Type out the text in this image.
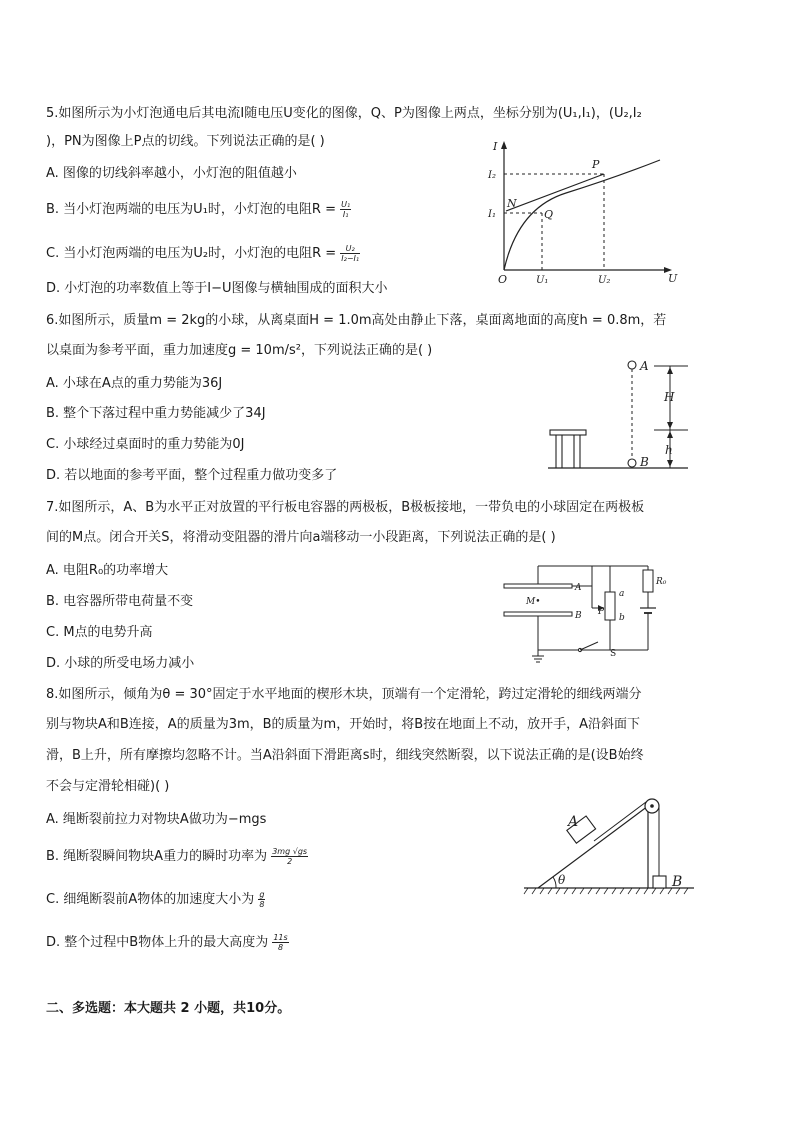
5.如图所示为小灯泡通电后其电流I随电压U变化的图像，Q、P为图像上两点，坐标分别为(U₁,I₁)，(U₂,I₂
)，PN为图像上P点的切线。下列说法正确的是( )
A. 图像的切线斜率越小，小灯泡的阻值越小
B. 当小灯泡两端的电压为U₁时，小灯泡的电阻$R = \frac{\text{U₁}}{\text{I₁}}$
C. 当小灯泡两端的电压为U₂时，小灯泡的电阻$R = \frac{\text{U₂}}{\text{I₂−I₁}}$
D. 小灯泡的功率数值上等于I−U图像与横轴围成的面积大小
I
U
O
P
Q
N
I₂
I₁
U₁	U₂
6.如图所示，质量m = 2kg的小球，从离桌面H = 1.0m高处由静止下落，桌面离地面的高度h = 0.8m，若
以桌面为参考平面，重力加速度g = 10m/s²，下列说法正确的是( )
A. 小球在A点的重力势能为36J
B. 整个下落过程中重力势能减少了34J
C. 小球经过桌面时的重力势能为0J
D. 若以地面的参考平面，整个过程重力做功变多了
A
B
H
h
7.如图所示，A、B为水平正对放置的平行板电容器的两极板，B极板接地，一带负电的小球固定在两极板
间的M点。闭合开关S，将滑动变阻器的滑片向a端移动一小段距离，下列说法正确的是( )
A. 电阻R₀的功率增大
B. 电容器所带电荷量不变
C. M点的电势升高
D. 小球的所受电场力减小
A
B
M•
P
a
b
R₀
S
8.如图所示，倾角为θ = 30°固定于水平地面的楔形木块，顶端有一个定滑轮，跨过定滑轮的细线两端分
别与物块A和B连接，A的质量为3m，B的质量为m，开始时，将B按在地面上不动，放开手，A沿斜面下
滑，B上升，所有摩擦均忽略不计。当A沿斜面下滑距离s时，细线突然断裂，以下说法正确的是(设B始终
不会与定滑轮相碰)( )
A. 绳断裂前拉力对物块A做功为−mgs
B. 绳断裂瞬间物块A重力的瞬时功率为 $\frac{3mg √gs}{2}$
C. 细绳断裂前A物体的加速度大小为 $\frac{g}{8}$
D. 整个过程中B物体上升的最大高度为 $\frac{11s}{8}$
A
B
θ
二、多选题：本大题共 2 小题，共10分。
